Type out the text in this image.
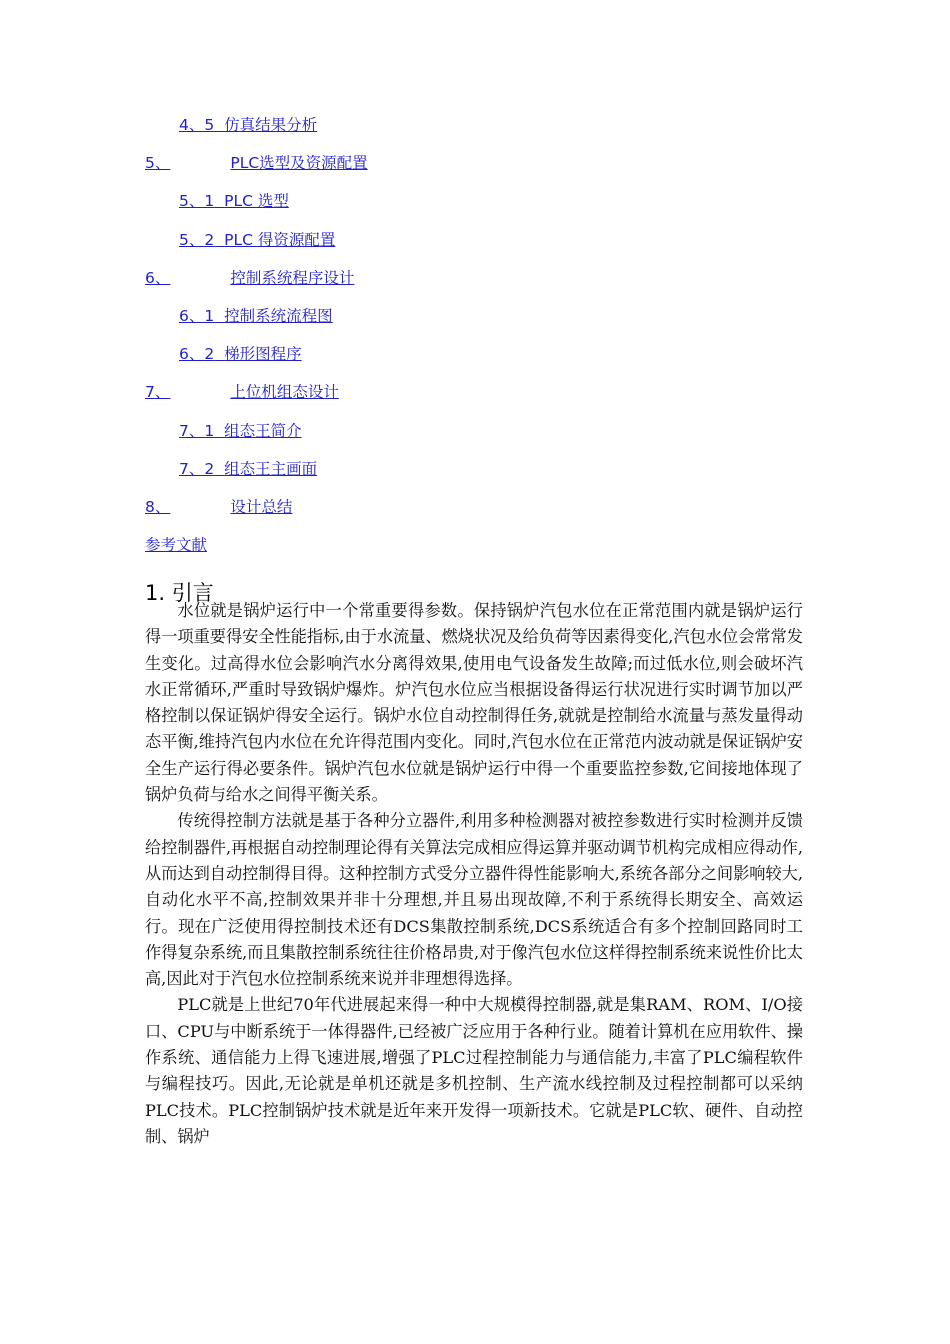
4、5 仿真结果分析
5、	PLC选型及资源配置
5、1 PLC 选型
5、2 PLC 得资源配置
6、	控制系统程序设计
6、1 控制系统流程图
6、2 梯形图程序
7、	上位机组态设计
7、1 组态王简介
7、2 组态王主画面
8、	设计总结
参考文献
1. 引言

水位就是锅炉运行中一个常重要得参数。保持锅炉汽包水位在正常范围内就是锅炉运行得一项重要得安全性能指标,由于水流量、燃烧状况及给负荷等因素得变化,汽包水位会常常发生变化。过高得水位会影响汽水分离得效果,使用电气设备发生故障;而过低水位,则会破坏汽水正常循环,严重时导致锅炉爆炸。炉汽包水位应当根据设备得运行状况进行实时调节加以严格控制以保证锅炉得安全运行。锅炉水位自动控制得任务,就就是控制给水流量与蒸发量得动态平衡,维持汽包内水位在允许得范围内变化。同时,汽包水位在正常范内波动就是保证锅炉安全生产运行得必要条件。锅炉汽包水位就是锅炉运行中得一个重要监控参数,它间接地体现了锅炉负荷与给水之间得平衡关系。

传统得控制方法就是基于各种分立器件,利用多种检测器对被控参数进行实时检测并反馈给控制器件,再根据自动控制理论得有关算法完成相应得运算并驱动调节机构完成相应得动作,从而达到自动控制得目得。这种控制方式受分立器件得性能影响大,系统各部分之间影响较大,自动化水平不高,控制效果并非十分理想,并且易出现故障,不利于系统得长期安全、高效运行。现在广泛使用得控制技术还有DCS集散控制系统,DCS系统适合有多个控制回路同时工作得复杂系统,而且集散控制系统往往价格昂贵,对于像汽包水位这样得控制系统来说性价比太高,因此对于汽包水位控制系统来说并非理想得选择。

PLC就是上世纪70年代进展起来得一种中大规模得控制器,就是集RAM、ROM、I/O接口、CPU与中断系统于一体得器件,已经被广泛应用于各种行业。随着计算机在应用软件、操作系统、通信能力上得飞速进展,增强了PLC过程控制能力与通信能力,丰富了PLC编程软件与编程技巧。因此,无论就是单机还就是多机控制、生产流水线控制及过程控制都可以采纳PLC技术。PLC控制锅炉技术就是近年来开发得一项新技术。它就是PLC软、硬件、自动控制、锅炉
